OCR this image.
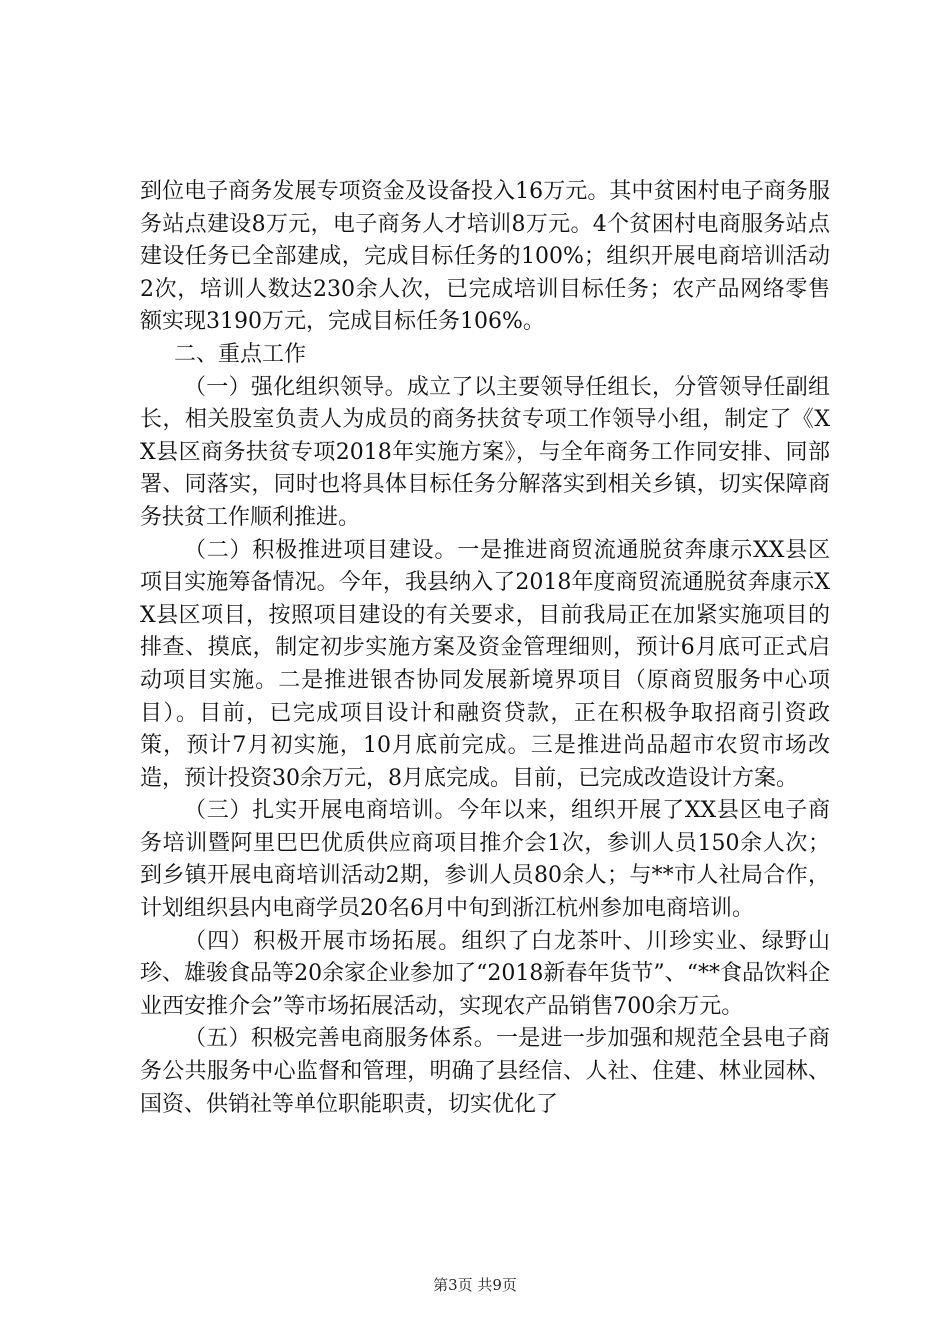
到位电子商务发展专项资金及设备投入16万元。其中贫困村电子商务服务站点建设8万元，电子商务人才培训8万元。4个贫困村电商服务站点建设任务已全部建成，完成目标任务的100%；组织开展电商培训活动2次，培训人数达230余人次，已完成培训目标任务；农产品网络零售额实现3190万元，完成目标任务106%。

二、重点工作

（一）强化组织领导。成立了以主要领导任组长，分管领导任副组长，相关股室负责人为成员的商务扶贫专项工作领导小组，制定了《XX县区商务扶贫专项2018年实施方案》，与全年商务工作同安排、同部署、同落实，同时也将具体目标任务分解落实到相关乡镇，切实保障商务扶贫工作顺利推进。

（二）积极推进项目建设。一是推进商贸流通脱贫奔康示XX县区项目实施筹备情况。今年，我县纳入了2018年度商贸流通脱贫奔康示XX县区项目，按照项目建设的有关要求，目前我局正在加紧实施项目的排查、摸底，制定初步实施方案及资金管理细则，预计6月底可正式启动项目实施。二是推进银杏协同发展新境界项目（原商贸服务中心项目）。目前，已完成项目设计和融资贷款，正在积极争取招商引资政策，预计7月初实施，10月底前完成。三是推进尚品超市农贸市场改造，预计投资30余万元，8月底完成。目前，已完成改造设计方案。

（三）扎实开展电商培训。今年以来，组织开展了XX县区电子商务培训暨阿里巴巴优质供应商项目推介会1次，参训人员150余人次；到乡镇开展电商培训活动2期，参训人员80余人；与**市人社局合作，计划组织县内电商学员20名6月中旬到浙江杭州参加电商培训。

（四）积极开展市场拓展。组织了白龙茶叶、川珍实业、绿野山珍、雄骏食品等20余家企业参加了“2018新春年货节”、“**食品饮料企业西安推介会”等市场拓展活动，实现农产品销售700余万元。

（五）积极完善电商服务体系。一是进一步加强和规范全县电子商务公共服务中心监督和管理，明确了县经信、人社、住建、林业园林、国资、供销社等单位职能职责，切实优化了

第3页 共9页
